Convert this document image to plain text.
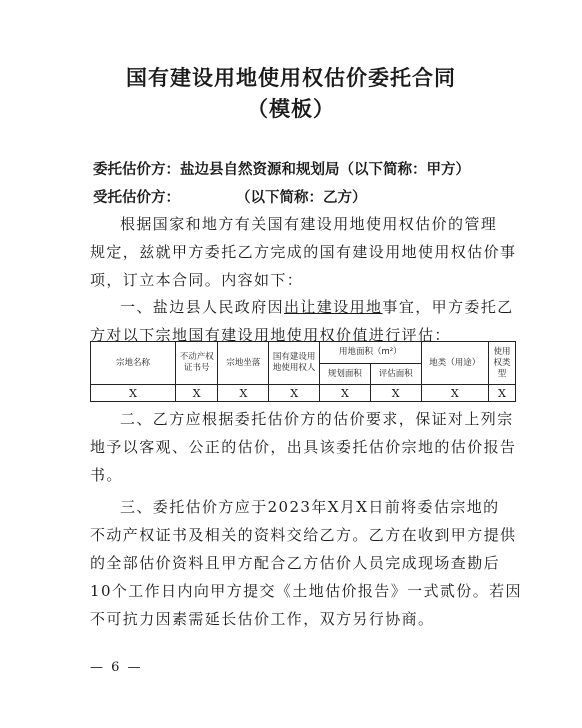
国有建设用地使用权估价委托合同
（模板）
委托估价方：盐边县自然资源和规划局（以下简称：甲方）
受托估价方：	（以下简称：乙方）
根据国家和地方有关国有建设用地使用权估价的管理
规定，兹就甲方委托乙方完成的国有建设用地使用权估价事
项，订立本合同。内容如下：
一、盐边县人民政府因出让建设用地事宜，甲方委托乙
方对以下宗地国有建设用地使用权价值进行评估：
宗地名称	不动产权证书号	宗地坐落	国有建设用地使用权人	用地面积（m²）		地类（用途）	使用权类型
				规划面积	评估面积		
X	X	X	X	X	X	X	X
二、乙方应根据委托估价方的估价要求，保证对上列宗
地予以客观、公正的估价，出具该委托估价宗地的估价报告
书。
三、委托估价方应于2023年X月X日前将委估宗地的
不动产权证书及相关的资料交给乙方。乙方在收到甲方提供
的全部估价资料且甲方配合乙方估价人员完成现场查勘后
10个工作日内向甲方提交《土地估价报告》一式贰份。若因
不可抗力因素需延长估价工作，双方另行协商。
— 6 —
